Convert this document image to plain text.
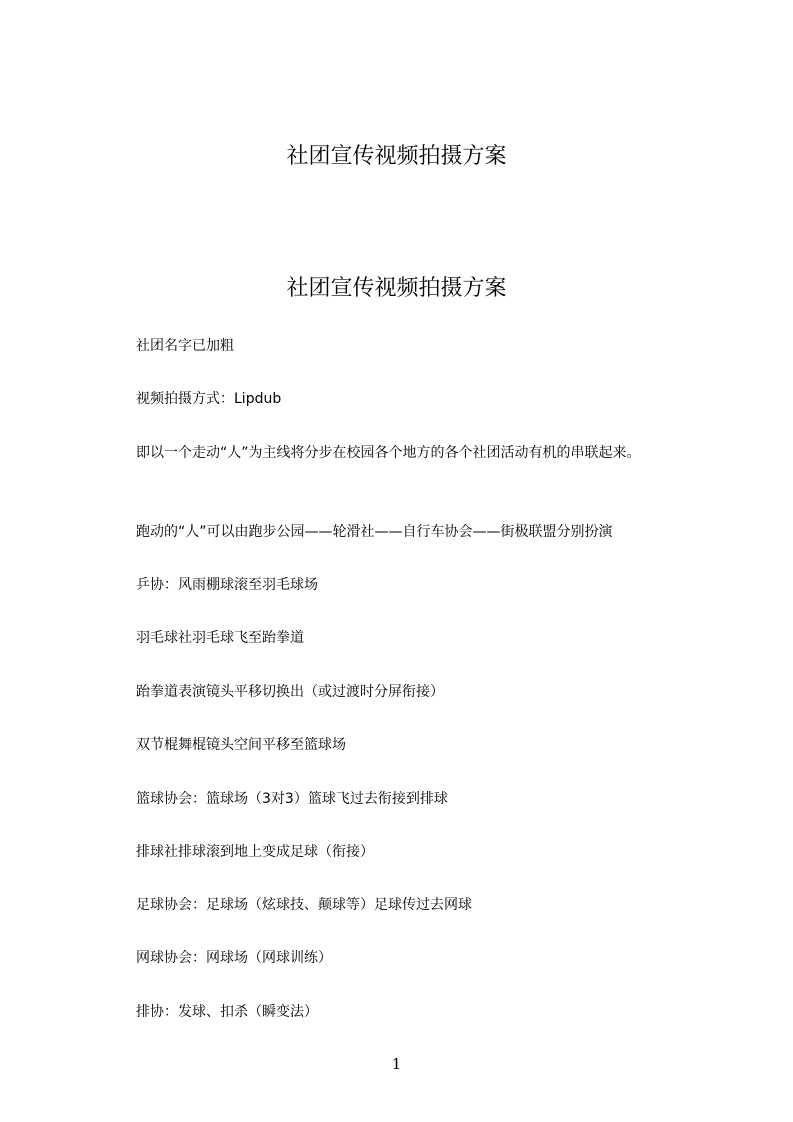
社团宣传视频拍摄方案
社团宣传视频拍摄方案

社团名字已加粗

视频拍摄方式：Lipdub

即以一个走动“人”为主线将分步在校园各个地方的各个社团活动有机的串联起来。

跑动的“人”可以由跑步公园——轮滑社——自行车协会——街极联盟分别扮演

乒协：风雨棚球滚至羽毛球场

羽毛球社羽毛球飞至跆拳道

跆拳道表演镜头平移切换出（或过渡时分屏衔接）

双节棍舞棍镜头空间平移至篮球场

篮球协会：篮球场（3对3）篮球飞过去衔接到排球

排球社排球滚到地上变成足球（衔接）

足球协会：足球场（炫球技、颠球等）足球传过去网球

网球协会：网球场（网球训练）

排协：发球、扣杀（瞬变法）

1
